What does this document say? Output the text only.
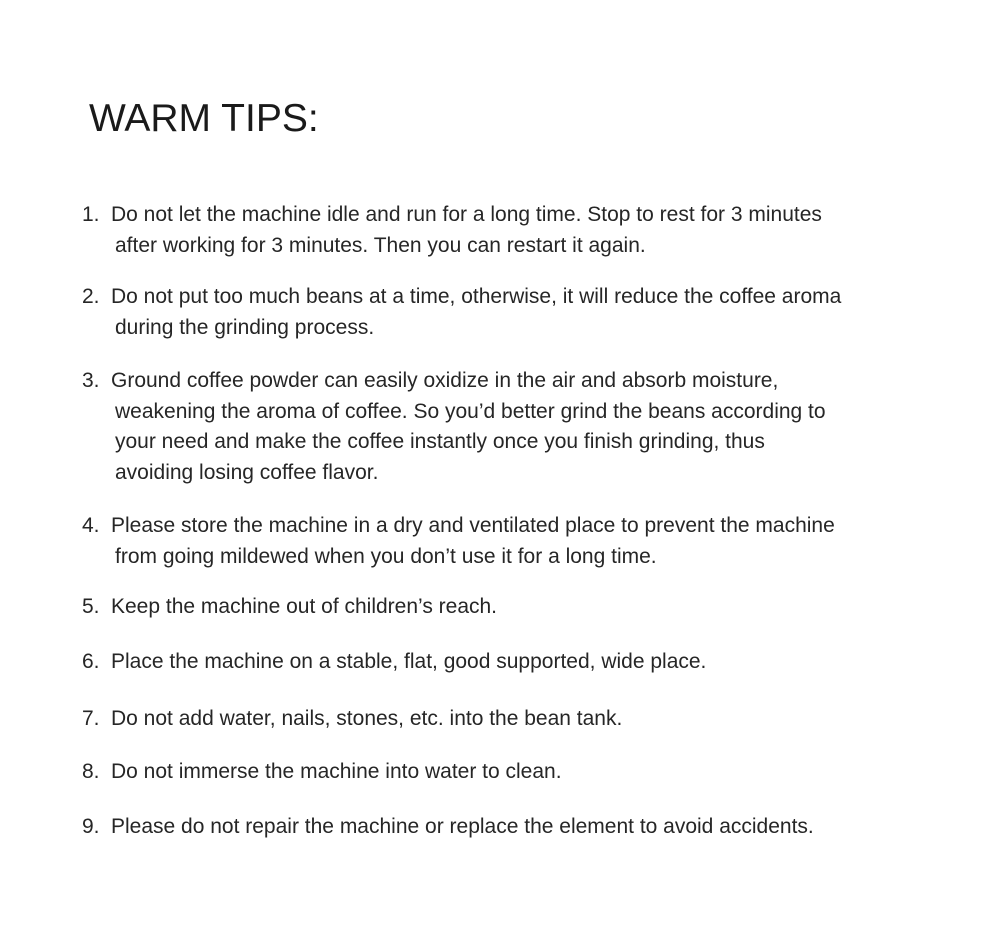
WARM TIPS:
1. Do not let the machine idle and run for a long time. Stop to rest for 3 minutes
after working for 3 minutes. Then you can restart it again.
2. Do not put too much beans at a time, otherwise, it will reduce the coffee aroma
during the grinding process.
3. Ground coffee powder can easily oxidize in the air and absorb moisture,
weakening the aroma of coffee. So you’d better grind the beans according to
your need and make the coffee instantly once you finish grinding, thus
avoiding losing coffee flavor.
4. Please store the machine in a dry and ventilated place to prevent the machine
from going mildewed when you don’t use it for a long time.
5. Keep the machine out of children’s reach.
6. Place the machine on a stable, flat, good supported, wide place.
7. Do not add water, nails, stones, etc. into the bean tank.
8. Do not immerse the machine into water to clean.
9. Please do not repair the machine or replace the element to avoid accidents.
